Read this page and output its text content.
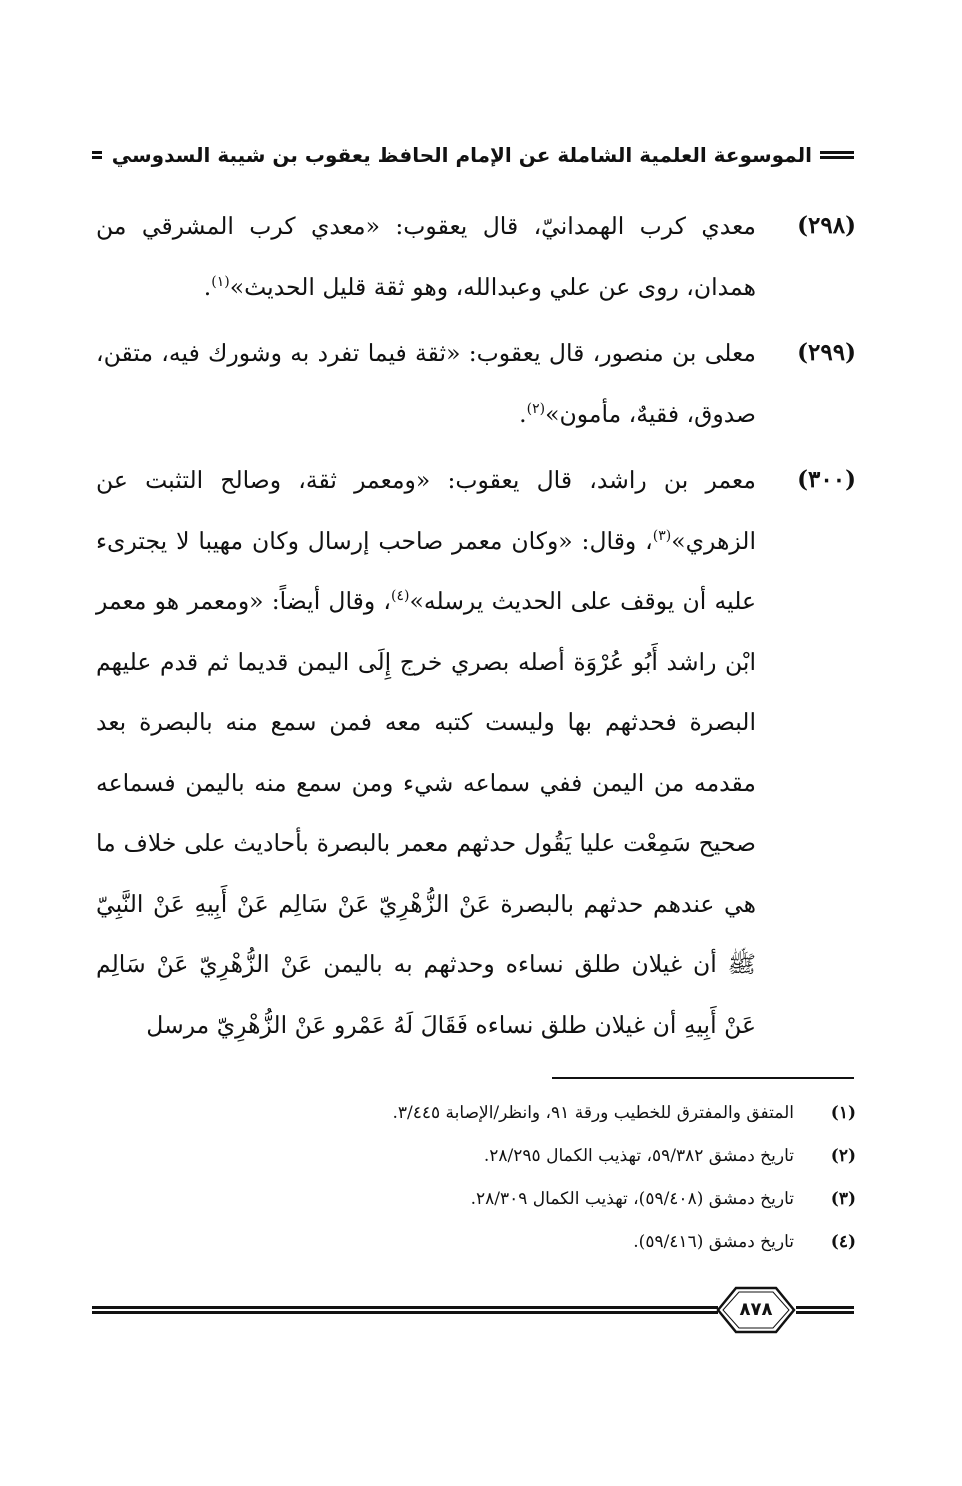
الموسوعة العلمية الشاملة عن الإمام الحافظ يعقوب بن شيبة السدوسي
(٢٩٨)
معدي كرب الهمدانيّ، قال يعقوب: «معدي كرب المشرقي من همدان، روى عن علي وعبدالله، وهو ثقة قليل الحديث»$^{(١)}$.
(٢٩٩)
معلى بن منصور، قال يعقوب: «ثقة فيما تفرد به وشورك فيه، متقن، صدوق، فقيهٌ، مأمون»$^{(٢)}$.
(٣٠٠)
معمر بن راشد، قال يعقوب: «ومعمر ثقة، وصالح التثبت عن الزهري»$^{(٣)}$، وقال: «وكان معمر صاحب إرسال وكان مهيبا لا يجترىء عليه أن يوقف على الحديث يرسله»$^{(٤)}$، وقال أيضاً: «ومعمر هو معمر ابْن راشد أَبُو عُرْوَة أصله بصري خرج إِلَى اليمن قديما ثم قدم عليهم البصرة فحدثهم بها وليست كتبه معه فمن سمع منه بالبصرة بعد مقدمه من اليمن ففي سماعه شيء ومن سمع منه باليمن فسماعه صحيح سَمِعْت عليا يَقُول حدثهم معمر بالبصرة بأحاديث على خلاف ما هي عندهم حدثهم بالبصرة عَنْ الزُّهْرِيّ عَنْ سَالِم عَنْ أَبِيهِ عَنْ النَّبِيّ ﷺ أن غيلان طلق نساءه وحدثهم به باليمن عَنْ الزُّهْرِيّ عَنْ سَالِم عَنْ أَبِيهِ أن غيلان طلق نساءه فَقَالَ لَهُ عَمْرو عَنْ الزُّهْرِيّ مرسل
(١)
المتفق والمفترق للخطيب ورقة ٩١، وانظر/الإصابة ٣/٤٤٥.
(٢)
تاريخ دمشق ٥٩/٣٨٢، تهذيب الكمال ٢٨/٢٩٥.
(٣)
تاريخ دمشق (٥٩/٤٠٨)، تهذيب الكمال ٢٨/٣٠٩.
(٤)
تاريخ دمشق (٥٩/٤١٦).
٨٧٨
